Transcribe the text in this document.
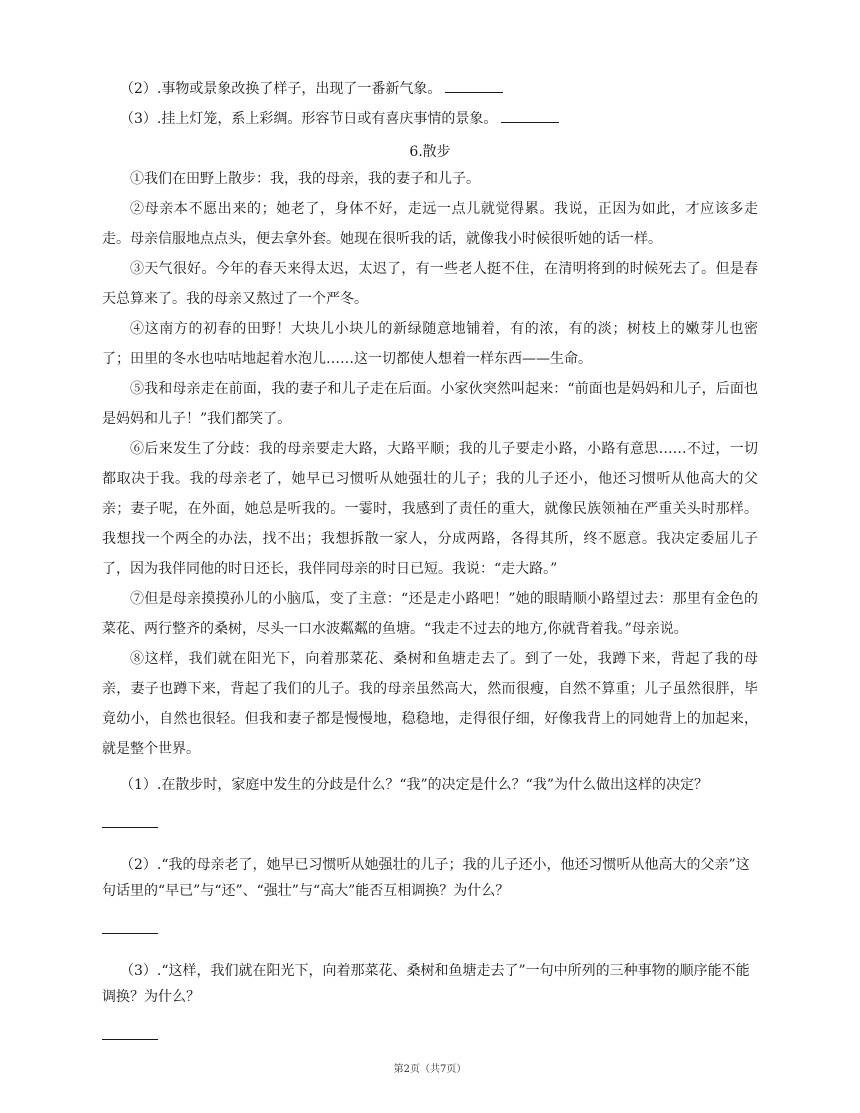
（2）.事物或景象改换了样子，出现了一番新气象。

（3）.挂上灯笼，系上彩绸。形容节日或有喜庆事情的景象。

6.散步

①我们在田野上散步：我，我的母亲，我的妻子和儿子。

②母亲本不愿出来的；她老了，身体不好，走远一点儿就觉得累。我说，正因为如此，才应该多走走。母亲信服地点点头，便去拿外套。她现在很听我的话，就像我小时候很听她的话一样。

③天气很好。今年的春天来得太迟，太迟了，有一些老人挺不住，在清明将到的时候死去了。但是春天总算来了。我的母亲又熬过了一个严冬。

④这南方的初春的田野！大块儿小块儿的新绿随意地铺着，有的浓，有的淡；树枝上的嫩芽儿也密了；田里的冬水也咕咕地起着水泡儿……这一切都使人想着一样东西——生命。

⑤我和母亲走在前面，我的妻子和儿子走在后面。小家伙突然叫起来：“前面也是妈妈和儿子，后面也是妈妈和儿子！”我们都笑了。

⑥后来发生了分歧：我的母亲要走大路，大路平顺；我的儿子要走小路，小路有意思……不过，一切都取决于我。我的母亲老了，她早已习惯听从她强壮的儿子；我的儿子还小，他还习惯听从他高大的父亲；妻子呢，在外面，她总是听我的。一霎时，我感到了责任的重大，就像民族领袖在严重关头时那样。我想找一个两全的办法，找不出；我想拆散一家人，分成两路，各得其所，终不愿意。我决定委屈儿子了，因为我伴同他的时日还长，我伴同母亲的时日已短。我说：“走大路。”

⑦但是母亲摸摸孙儿的小脑瓜，变了主意：“还是走小路吧！”她的眼睛顺小路望过去：那里有金色的菜花、两行整齐的桑树，尽头一口水波粼粼的鱼塘。“我走不过去的地方,你就背着我。”母亲说。

⑧这样，我们就在阳光下，向着那菜花、桑树和鱼塘走去了。到了一处，我蹲下来，背起了我的母亲，妻子也蹲下来，背起了我们的儿子。我的母亲虽然高大，然而很瘦，自然不算重；儿子虽然很胖，毕竟幼小，自然也很轻。但我和妻子都是慢慢地，稳稳地，走得很仔细，好像我背上的同她背上的加起来，就是整个世界。

（1）.在散步时，家庭中发生的分歧是什么？“我”的决定是什么？“我”为什么做出这样的决定？

（2）.“我的母亲老了，她早已习惯听从她强壮的儿子；我的儿子还小，他还习惯听从他高大的父亲”这句话里的“早已”与“还”、“强壮”与“高大”能否互相调换？为什么？

（3）.“这样，我们就在阳光下，向着那菜花、桑树和鱼塘走去了”一句中所列的三种事物的顺序能不能调换？为什么？

第2页（共7页）
